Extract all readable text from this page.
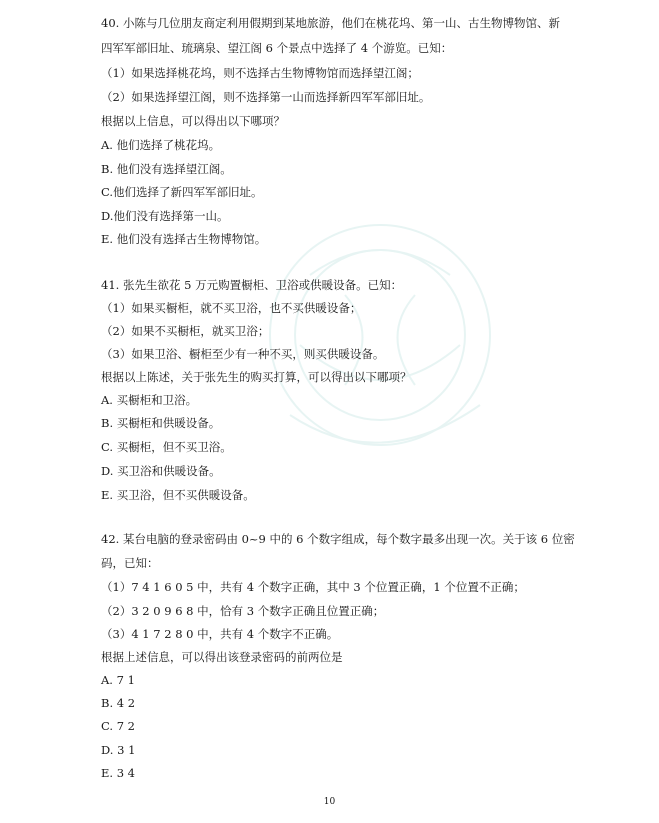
40. 小陈与几位朋友商定利用假期到某地旅游，他们在桃花坞、第一山、古生物博物馆、新
四军军部旧址、琉璃泉、望江阁 6 个景点中选择了 4 个游览。已知：
（1）如果选择桃花坞，则不选择古生物博物馆而选择望江阁；
（2）如果选择望江阁，则不选择第一山而选择新四军军部旧址。
根据以上信息，可以得出以下哪项？
A. 他们选择了桃花坞。
B. 他们没有选择望江阁。
C.他们选择了新四军军部旧址。
D.他们没有选择第一山。
E. 他们没有选择古生物博物馆。
41. 张先生欲花 5 万元购置橱柜、卫浴或供暖设备。已知：
（1）如果买橱柜，就不买卫浴，也不买供暖设备；
（2）如果不买橱柜，就买卫浴；
（3）如果卫浴、橱柜至少有一种不买，则买供暖设备。
根据以上陈述，关于张先生的购买打算，可以得出以下哪项？
A. 买橱柜和卫浴。
B. 买橱柜和供暖设备。
C. 买橱柜，但不买卫浴。
D. 买卫浴和供暖设备。
E. 买卫浴，但不买供暖设备。
42. 某台电脑的登录密码由 0~9 中的 6 个数字组成，每个数字最多出现一次。关于该 6 位密
码，已知：
（1）7 4 1 6 0 5 中，共有 4 个数字正确，其中 3 个位置正确，1 个位置不正确；
（2）3 2 0 9 6 8 中，恰有 3 个数字正确且位置正确；
（3）4 1 7 2 8 0 中，共有 4 个数字不正确。
根据上述信息，可以得出该登录密码的前两位是
A. 7 1
B. 4 2
C. 7 2
D. 3 1
E. 3 4
10
